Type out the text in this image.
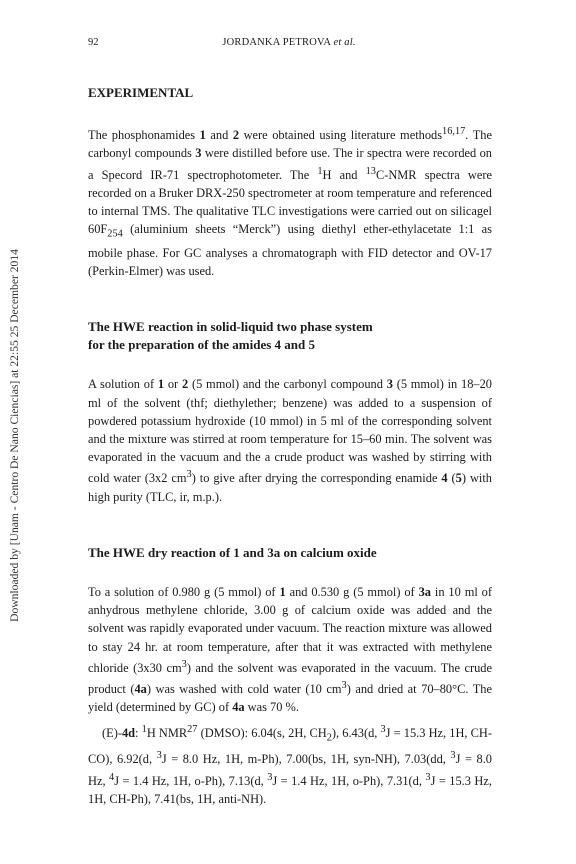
Downloaded by [Unam - Centro De Nano Ciencias] at 22:55 25 December 2014
92	JORDANKA PETROVA et al.
EXPERIMENTAL

The phosphonamides 1 and 2 were obtained using literature methods$^{16,17}$. The carbonyl compounds 3 were distilled before use. The ir spectra were recorded on a Specord IR-71 spectrophotometer. The $^1$H and $^{13}$C-NMR spectra were recorded on a Bruker DRX-250 spectrometer at room temperature and referenced to internal TMS. The qualitative TLC investigations were carried out on silicagel $60F_{254}$ (aluminium sheets “Merck”) using diethyl ether-ethylacetate 1:1 as mobile phase. For GC analyses a chromatograph with FID detector and OV-17 (Perkin-Elmer) was used.

The HWE reaction in solid-liquid two phase system
for the preparation of the amides 4 and 5

A solution of 1 or 2 (5 mmol) and the carbonyl compound 3 (5 mmol) in 18–20 ml of the solvent (thf; diethylether; benzene) was added to a suspension of powdered potassium hydroxide (10 mmol) in 5 ml of the corresponding solvent and the mixture was stirred at room temperature for 15–60 min. The solvent was evaporated in the vacuum and the a crude product was washed by stirring with cold water (3x2 $cm^3$) to give after drying the corresponding enamide 4 (5) with high purity (TLC, ir, m.p.).

The HWE dry reaction of 1 and 3a on calcium oxide

To a solution of 0.980 g (5 mmol) of 1 and 0.530 g (5 mmol) of 3a in 10 ml of anhydrous methylene chloride, 3.00 g of calcium oxide was added and the solvent was rapidly evaporated under vacuum. The reaction mixture was allowed to stay 24 hr. at room temperature, after that it was extracted with methylene chloride (3x30 $cm^3$) and the solvent was evaporated in the vacuum. The crude product (4a) was washed with cold water (10 $cm^3$) and dried at 70–80°C. The yield (determined by GC) of 4a was 70 %.

(E)-4d: $^1$H NMR$^{27}$ (DMSO): 6.04(s, 2H, $CH_2$), 6.43(d, $^3$J = 15.3 Hz, 1H, CH-CO), 6.92(d, $^3$J = 8.0 Hz, 1H, m-Ph), 7.00(bs, 1H, syn-NH), 7.03(dd, $^3$J = 8.0 Hz, $^4$J = 1.4 Hz, 1H, o-Ph), 7.13(d, $^3$J = 1.4 Hz, 1H, o-Ph), 7.31(d, $^3$J = 15.3 Hz, 1H, CH-Ph), 7.41(bs, 1H, anti-NH).
